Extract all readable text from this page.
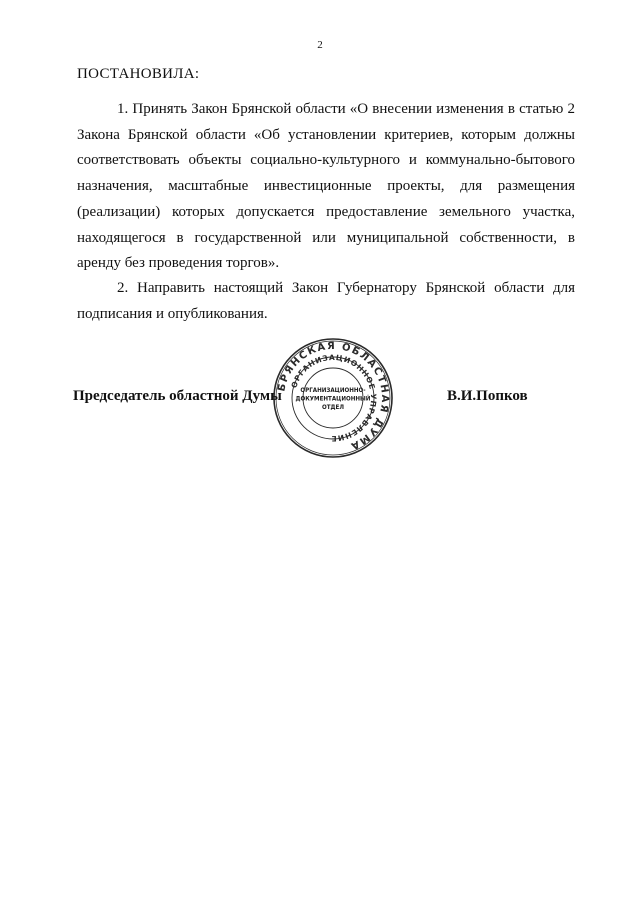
2
ПОСТАНОВИЛА:

1. Принять Закон Брянской области «О внесении изменения в статью 2 Закона Брянской области «Об установлении критериев, которым должны соответствовать объекты социально-культурного и коммунально-бытового назначения, масштабные инвестиционные проекты, для размещения (реализации) которых допускается предоставление земельного участка, находящегося в государственной или муниципальной собственности, в аренду без проведения торгов».

2. Направить настоящий Закон Губернатору Брянской области для подписания и опубликования.

БРЯНСКАЯ ОБЛАСТНАЯ ДУМА
ОРГАНИЗАЦИОННОЕ УПРАВЛЕНИЕ
ОРГАНИЗАЦИОННО-
ДОКУМЕНТАЦИОННЫЙ
ОТДЕЛ
Председатель областной Думы	В.И.Попков
